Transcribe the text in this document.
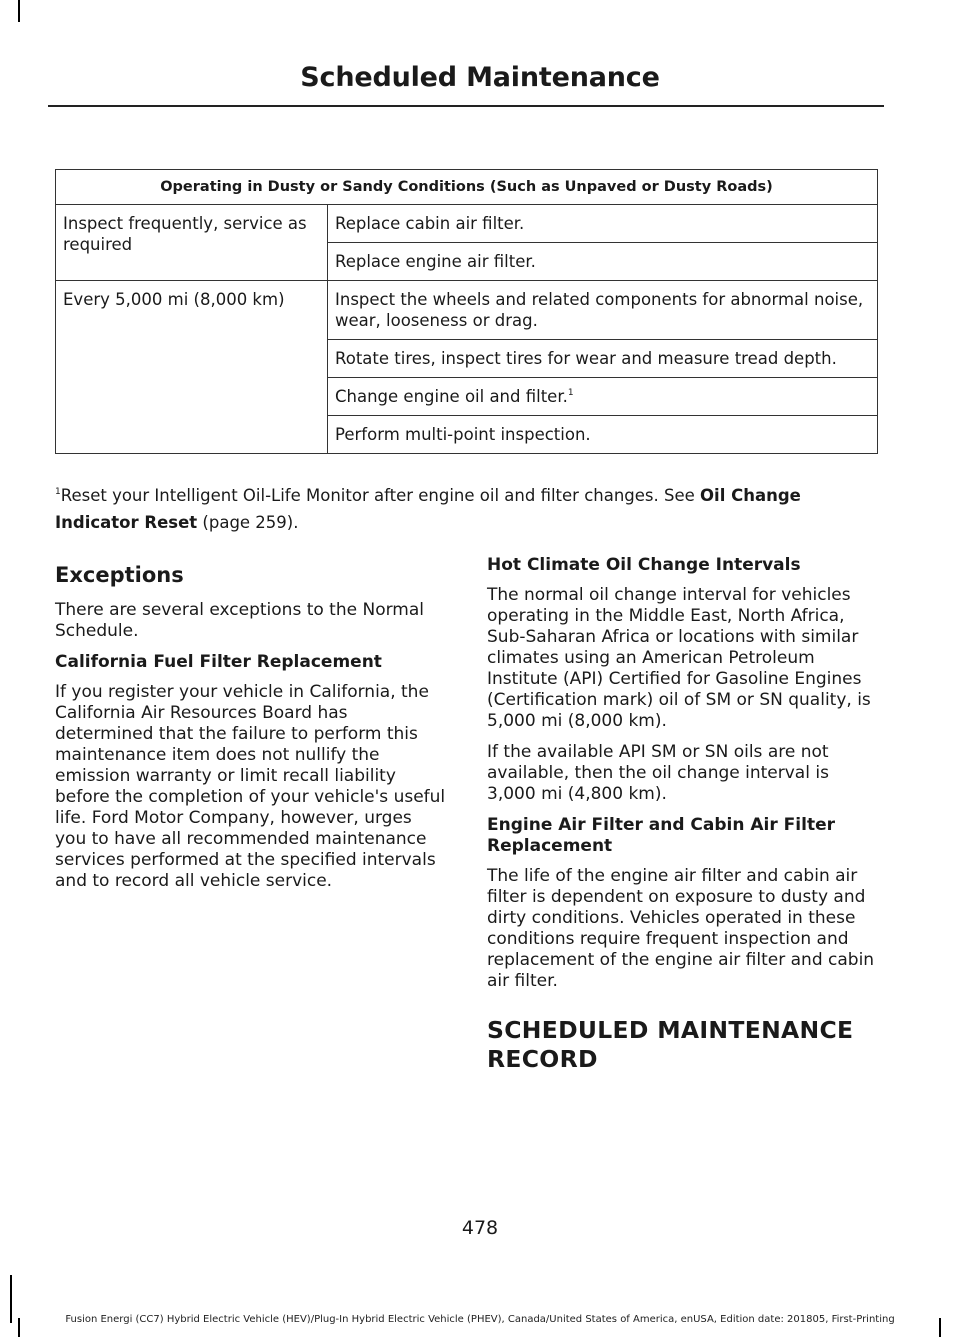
Scheduled Maintenance
Operating in Dusty or Sandy Conditions (Such as Unpaved or Dusty Roads)	
Inspect frequently, service as required	Replace cabin air filter.
	Replace engine air filter.
Every 5,000 mi (8,000 km)	Inspect the wheels and related components for abnormal noise, wear, looseness or drag.
	Rotate tires, inspect tires for wear and measure tread depth.
	Change engine oil and filter.$^1$
	Perform multi-point inspection.
$^1$Reset your Intelligent Oil-Life Monitor after engine oil and filter changes. See Oil Change Indicator Reset (page 259).
Exceptions

There are several exceptions to the Normal Schedule.

California Fuel Filter Replacement

If you register your vehicle in California, the California Air Resources Board has determined that the failure to perform this maintenance item does not nullify the emission warranty or limit recall liability before the completion of your vehicle's useful life. Ford Motor Company, however, urges you to have all recommended maintenance services performed at the specified intervals and to record all vehicle service.

Hot Climate Oil Change Intervals

The normal oil change interval for vehicles operating in the Middle East, North Africa, Sub-Saharan Africa or locations with similar climates using an American Petroleum Institute (API) Certified for Gasoline Engines (Certification mark) oil of SM or SN quality, is 5,000 mi (8,000 km).

If the available API SM or SN oils are not available, then the oil change interval is 3,000 mi (4,800 km).

Engine Air Filter and Cabin Air Filter Replacement

The life of the engine air filter and cabin air filter is dependent on exposure to dusty and dirty conditions. Vehicles operated in these conditions require frequent inspection and replacement of the engine air filter and cabin air filter.

SCHEDULED MAINTENANCE
RECORD
478
Fusion Energi (CC7) Hybrid Electric Vehicle (HEV)/Plug-In Hybrid Electric Vehicle (PHEV), Canada/United States of America, enUSA, Edition date: 201805, First-Printing
